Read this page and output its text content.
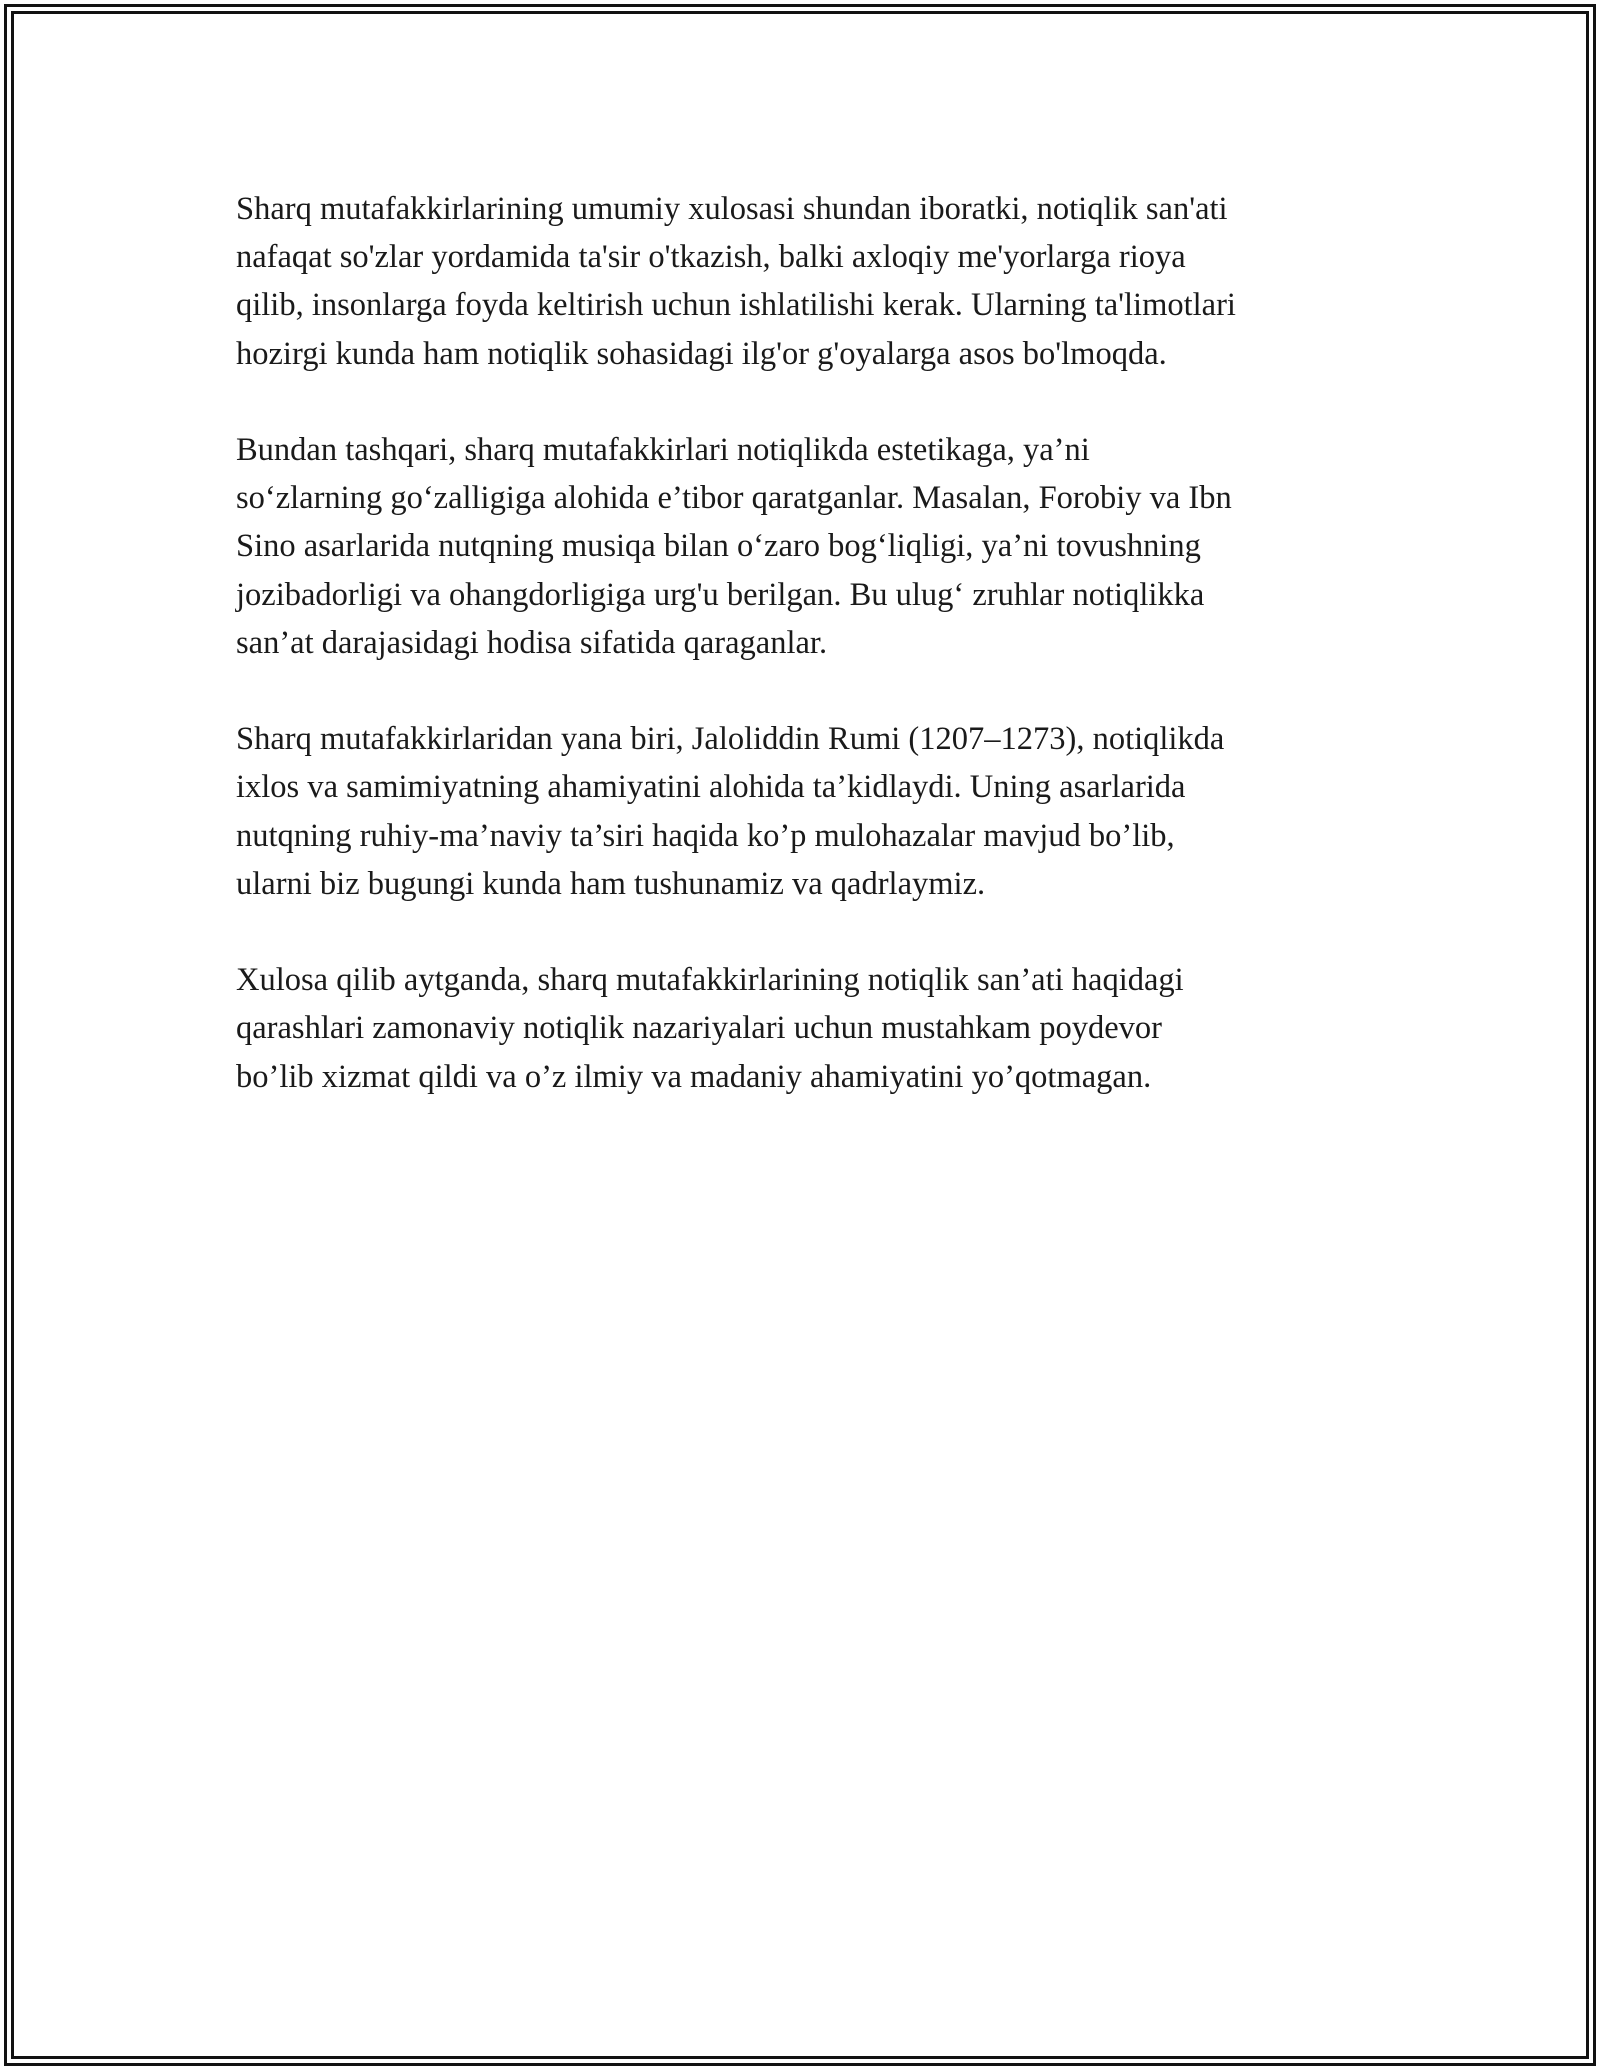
Sharq mutafakkirlarining umumiy xulosasi shundan iboratki, notiqlik san'ati
nafaqat so'zlar yordamida ta'sir o'tkazish, balki axloqiy me'yorlarga rioya
qilib, insonlarga foyda keltirish uchun ishlatilishi kerak. Ularning ta'limotlari
hozirgi kunda ham notiqlik sohasidagi ilg'or g'oyalarga asos bo'lmoqda.

Bundan tashqari, sharq mutafakkirlari notiqlikda estetikaga, ya’ni
so‘zlarning go‘zalligiga alohida e’tibor qaratganlar. Masalan, Forobiy va Ibn
Sino asarlarida nutqning musiqa bilan o‘zaro bog‘liqligi, ya’ni tovushning
jozibadorligi va ohangdorligiga urg'u berilgan. Bu ulug‘ zruhlar notiqlikka
san’at darajasidagi hodisa sifatida qaraganlar.

Sharq mutafakkirlaridan yana biri, Jaloliddin Rumi (1207–1273), notiqlikda
ixlos va samimiyatning ahamiyatini alohida ta’kidlaydi. Uning asarlarida
nutqning ruhiy-ma’naviy ta’siri haqida ko’p mulohazalar mavjud bo’lib,
ularni biz bugungi kunda ham tushunamiz va qadrlaymiz.

Xulosa qilib aytganda, sharq mutafakkirlarining notiqlik san’ati haqidagi
qarashlari zamonaviy notiqlik nazariyalari uchun mustahkam poydevor
bo’lib xizmat qildi va o’z ilmiy va madaniy ahamiyatini yo’qotmagan.
